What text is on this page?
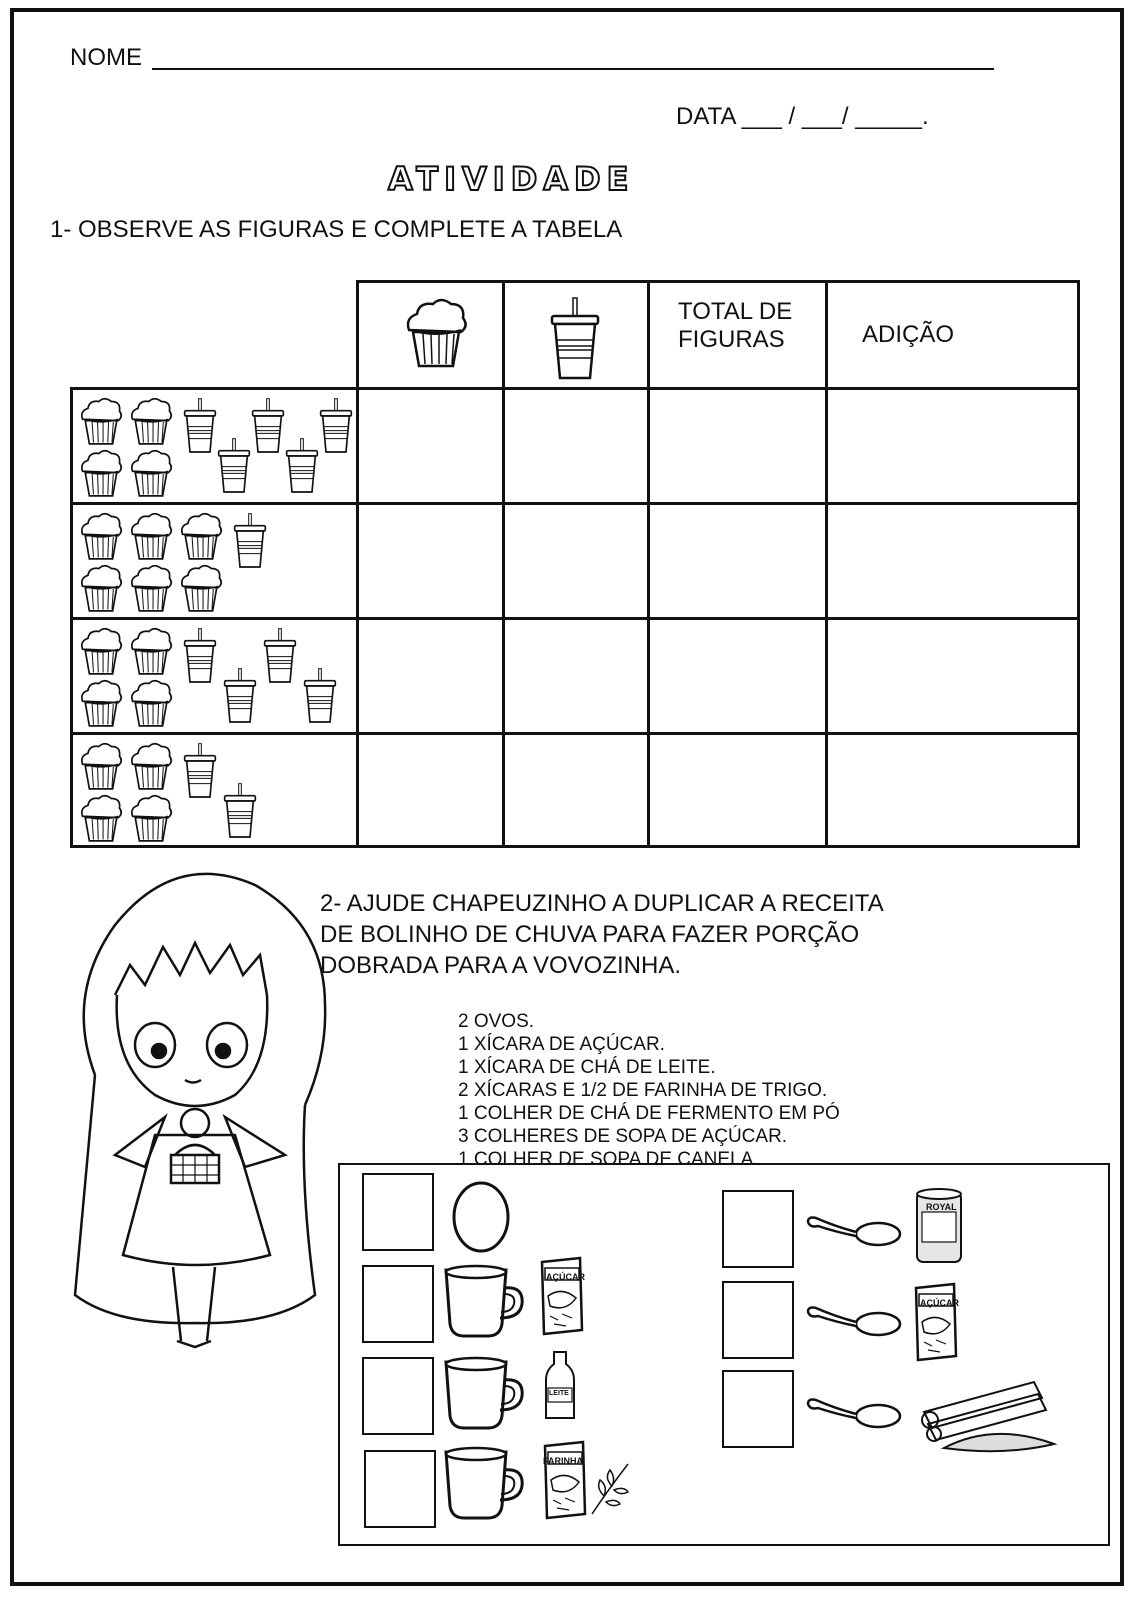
NOME
DATA ___ / ___/ _____.
ATIVIDADE
1- OBSERVE AS FIGURAS E COMPLETE A TABELA
TOTAL DE FIGURAS	ADIÇÃO
2- AJUDE CHAPEUZINHO A DUPLICAR A RECEITA
DE BOLINHO DE CHUVA PARA FAZER PORÇÃO
DOBRADA PARA A VOVOZINHA.
2 OVOS.
1 XÍCARA DE AÇÚCAR.
1 XÍCARA DE CHÁ DE LEITE.
2 XÍCARAS E 1/2 DE FARINHA DE TRIGO.
1 COLHER DE CHÁ DE FERMENTO EM PÓ
3 COLHERES DE SOPA DE AÇÚCAR.
1 COLHER DE SOPA DE CANELA.
AÇÚCAR
LEITE
FARINHA
ROYAL
AÇÚCAR
